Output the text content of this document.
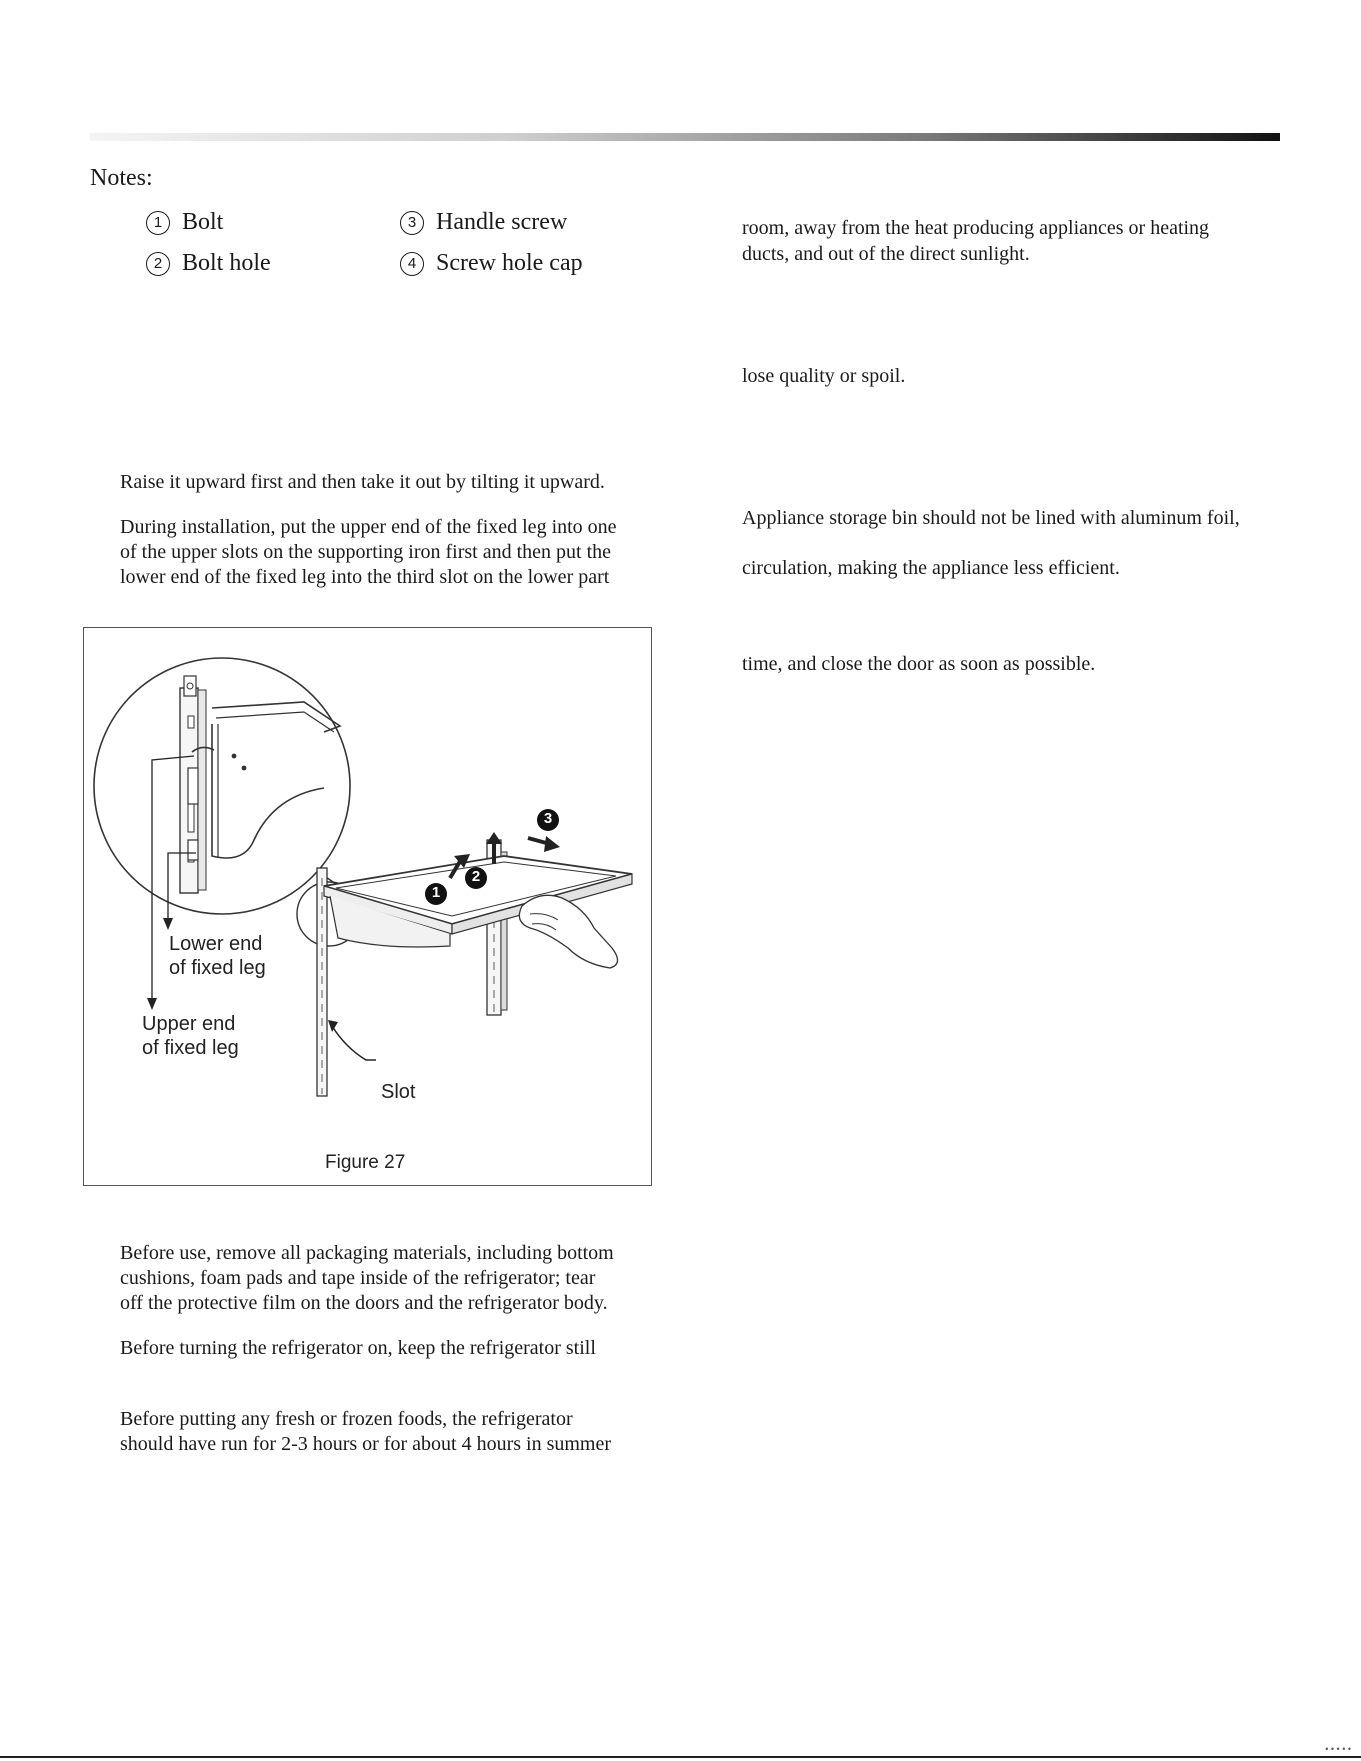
Notes:
1 Bolt
2 Bolt hole
3 Handle screw
4 Screw hole cap

Raise it upward first and then take it out by tilting it upward.

During installation, put the upper end of the fixed leg into one

of the upper slots on the supporting iron first and then put the

lower end of the fixed leg into the third slot on the lower part

1
2
3
Lower end
of fixed leg
Upper end
of fixed leg
Slot
Figure 27

Before use, remove all packaging materials, including bottom

cushions, foam pads and tape inside of the refrigerator; tear

off the protective film on the doors and the refrigerator body.

Before turning the refrigerator on, keep the refrigerator still

Before putting any fresh or frozen foods, the refrigerator

should have run for 2-3 hours or for about 4 hours in summer

room, away from the heat producing appliances or heating

ducts, and out of the direct sunlight.

lose quality or spoil.

Appliance storage bin should not be lined with aluminum foil,

circulation, making the appliance less efficient.

time, and close the door as soon as possible.

• • • • •
